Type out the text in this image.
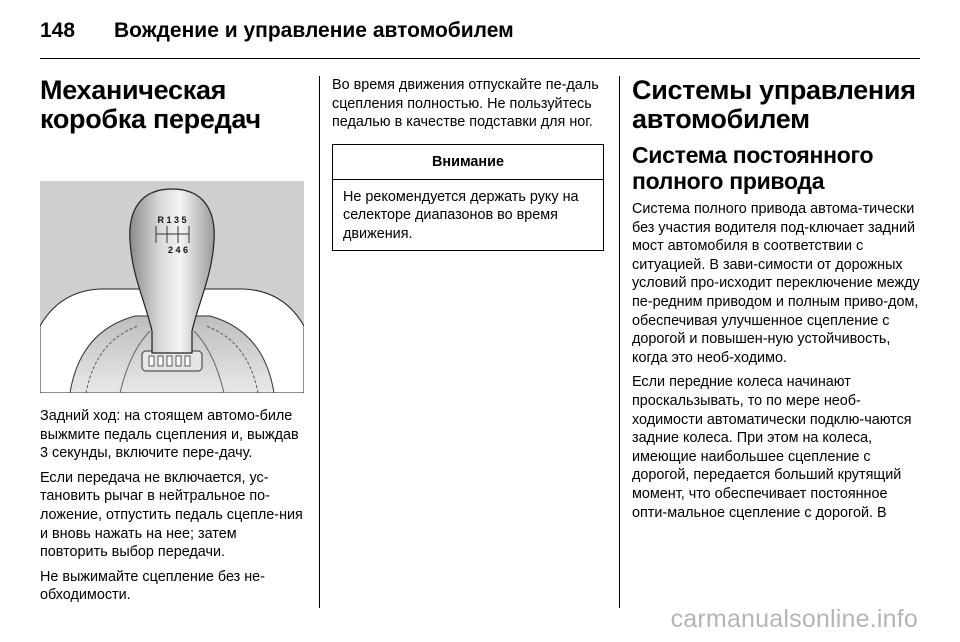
148	Вождение и управление автомобилем
Механическая
коробка передач
R 1 3 5
2 4 6

Задний ход: на стоящем автомо-биле выжмите педаль сцепления и, выждав 3 секунды, включите пере-дачу.

Если передача не включается, ус-тановить рычаг в нейтральное по-ложение, отпустить педаль сцепле-ния и вновь нажать на нее; затем повторить выбор передачи.

Не выжимайте сцепление без не-обходимости.

Во время движения отпускайте пе-даль сцепления полностью. Не пользуйтесь педалью в качестве подставки для ног.

Внимание

Не рекомендуется держать руку на селекторе диапазонов во время движения.

Системы управления
автомобилем
Система постоянного
полного привода

Система полного привода автома-тически без участия водителя под-ключает задний мост автомобиля в соответствии с ситуацией. В зави-симости от дорожных условий про-исходит переключение между пе-редним приводом и полным приво-дом, обеспечивая улучшенное сцепление с дорогой и повышен-ную устойчивость, когда это необ-ходимо.

Если передние колеса начинают проскальзывать, то по мере необ-ходимости автоматически подклю-чаются задние колеса. При этом на колеса, имеющие наибольшее сцепление с дорогой, передается больший крутящий момент, что обеспечивает постоянное опти-мальное сцепление с дорогой. В

carmanualsonline.info
